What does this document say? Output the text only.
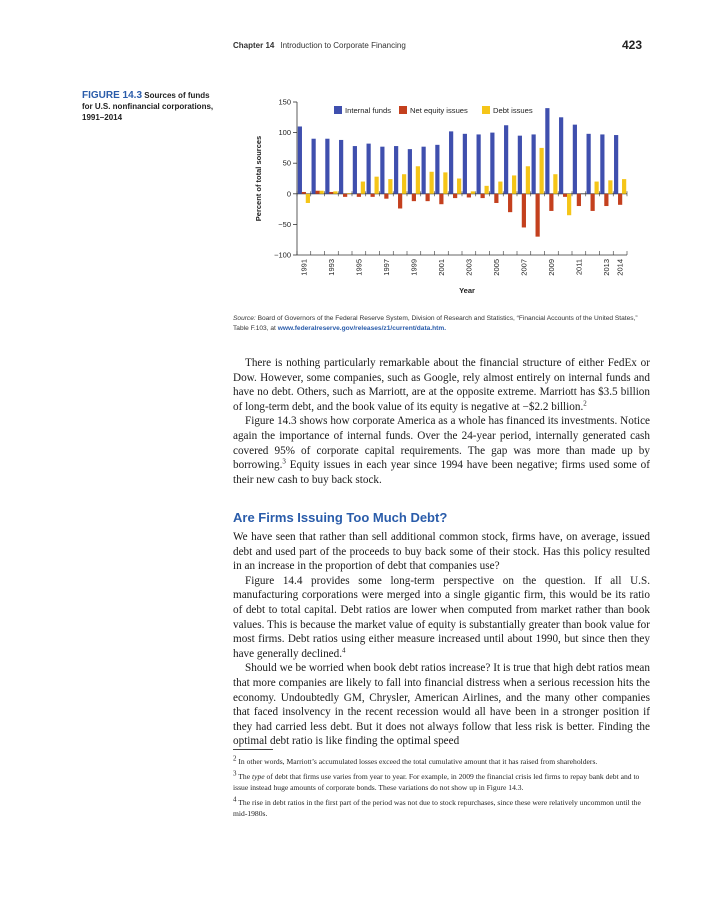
Chapter 14 Introduction to Corporate Financing	423
FIGURE 14.3 Sources of funds for U.S. nonfinancial corporations, 1991–2014
−100
−50
0
50
100
150
Percent of total sources
1991 1993 1995 1997 1999 2001 2003 2005 2007 2009 2011 2013 2014
Year
Internal funds Net equity issues	Debt issues
Source: Board of Governors of the Federal Reserve System, Division of Research and Statistics, “Financial Accounts of the United States,” Table F.103, at www.federalreserve.gov/releases/z1/current/data.htm.

There is nothing particularly remarkable about the financial structure of either FedEx or Dow. However, some companies, such as Google, rely almost entirely on internal funds and have no debt. Others, such as Marriott, are at the opposite extreme. Marriott has $3.5 billion of long-term debt, and the book value of its equity is negative at −$2.2 billion.$^2$

Figure 14.3 shows how corporate America as a whole has financed its investments. Notice again the importance of internal funds. Over the 24-year period, internally generated cash covered 95% of corporate capital requirements. The gap was more than made up by borrowing.$^3$ Equity issues in each year since 1994 have been negative; firms used some of their new cash to buy back stock.

Are Firms Issuing Too Much Debt?

We have seen that rather than sell additional common stock, firms have, on average, issued debt and used part of the proceeds to buy back some of their stock. Has this policy resulted in an increase in the proportion of debt that companies use?

Figure 14.4 provides some long-term perspective on the question. If all U.S. manufacturing corporations were merged into a single gigantic firm, this would be its ratio of debt to total capital. Debt ratios are lower when computed from market rather than book values. This is because the market value of equity is substantially greater than book value for most firms. Debt ratios using either measure increased until about 1990, but since then they have generally declined.$^4$

Should we be worried when book debt ratios increase? It is true that high debt ratios mean that more companies are likely to fall into financial distress when a serious recession hits the economy. Undoubtedly GM, Chrysler, American Airlines, and the many other companies that faced insolvency in the recent recession would all have been in a stronger position if they had carried less debt. But it does not always follow that less risk is better. Finding the optimal debt ratio is like finding the optimal speed

$^2$ In other words, Marriott’s accumulated losses exceed the total cumulative amount that it has raised from shareholders.

$^3$ The type of debt that firms use varies from year to year. For example, in 2009 the financial crisis led firms to repay bank debt and to issue instead huge amounts of corporate bonds. These variations do not show up in Figure 14.3.

$^4$ The rise in debt ratios in the first part of the period was not due to stock repurchases, since these were relatively uncommon until the mid-1980s.
